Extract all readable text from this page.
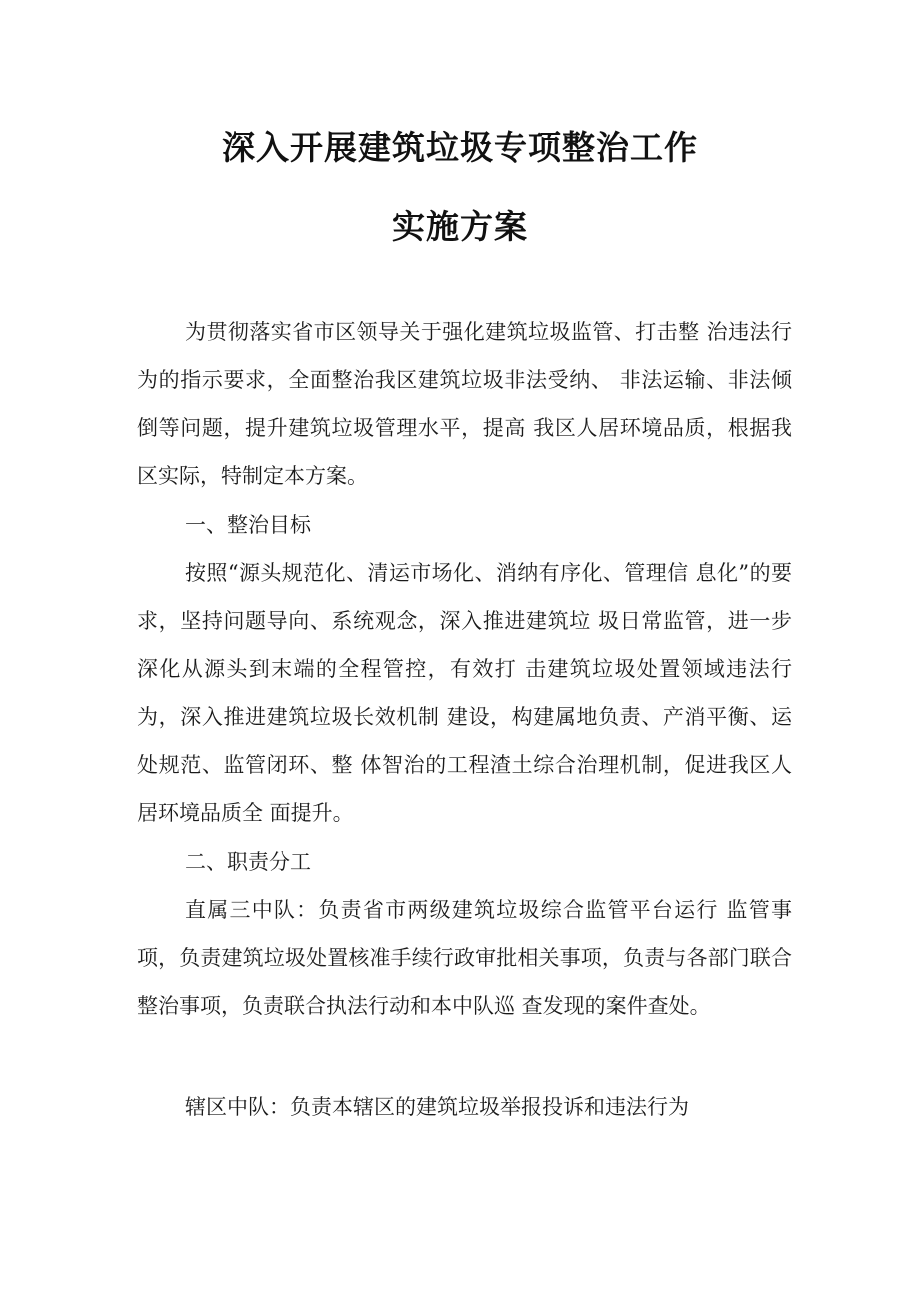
深入开展建筑垃圾专项整治工作
实施方案

为贯彻落实省市区领导关于强化建筑垃圾监管、打击整 治违法行为的指示要求，全面整治我区建筑垃圾非法受纳、 非法运输、非法倾倒等问题，提升建筑垃圾管理水平，提高 我区人居环境品质，根据我区实际，特制定本方案。

一、整治目标

按照“源头规范化、清运市场化、消纳有序化、管理信 息化”的要求，坚持问题导向、系统观念，深入推进建筑垃 圾日常监管，进一步深化从源头到末端的全程管控，有效打 击建筑垃圾处置领域违法行为，深入推进建筑垃圾长效机制 建设，构建属地负责、产消平衡、运处规范、监管闭环、整 体智治的工程渣土综合治理机制，促进我区人居环境品质全 面提升。

二、职责分工

直属三中队：负责省市两级建筑垃圾综合监管平台运行 监管事项，负责建筑垃圾处置核准手续行政审批相关事项，负责与各部门联合整治事项，负责联合执法行动和本中队巡 查发现的案件查处。

辖区中队：负责本辖区的建筑垃圾举报投诉和违法行为
